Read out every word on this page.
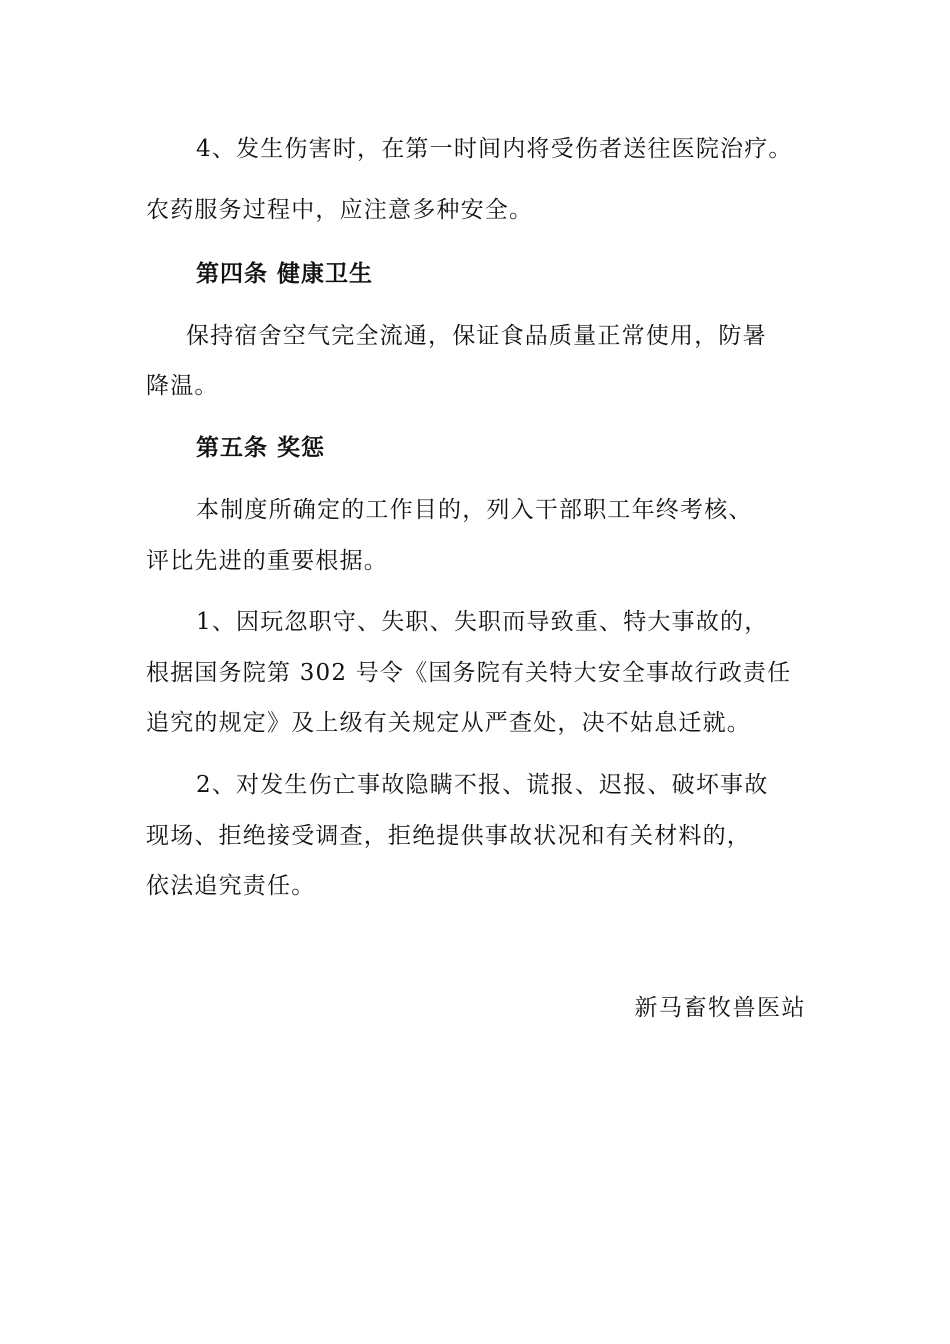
4、发生伤害时，在第一时间内将受伤者送往医院治疗。
农药服务过程中，应注意多种安全。
第四条 健康卫生
保持宿舍空气完全流通，保证食品质量正常使用，防暑
降温。
第五条 奖惩
本制度所确定的工作目的，列入干部职工年终考核、
评比先进的重要根据。
1、因玩忽职守、失职、失职而导致重、特大事故的，
根据国务院第 302 号令《国务院有关特大安全事故行政责任
追究的规定》及上级有关规定从严查处，决不姑息迁就。
2、对发生伤亡事故隐瞒不报、谎报、迟报、破坏事故
现场、拒绝接受调查，拒绝提供事故状况和有关材料的，
依法追究责任。
新马畜牧兽医站
